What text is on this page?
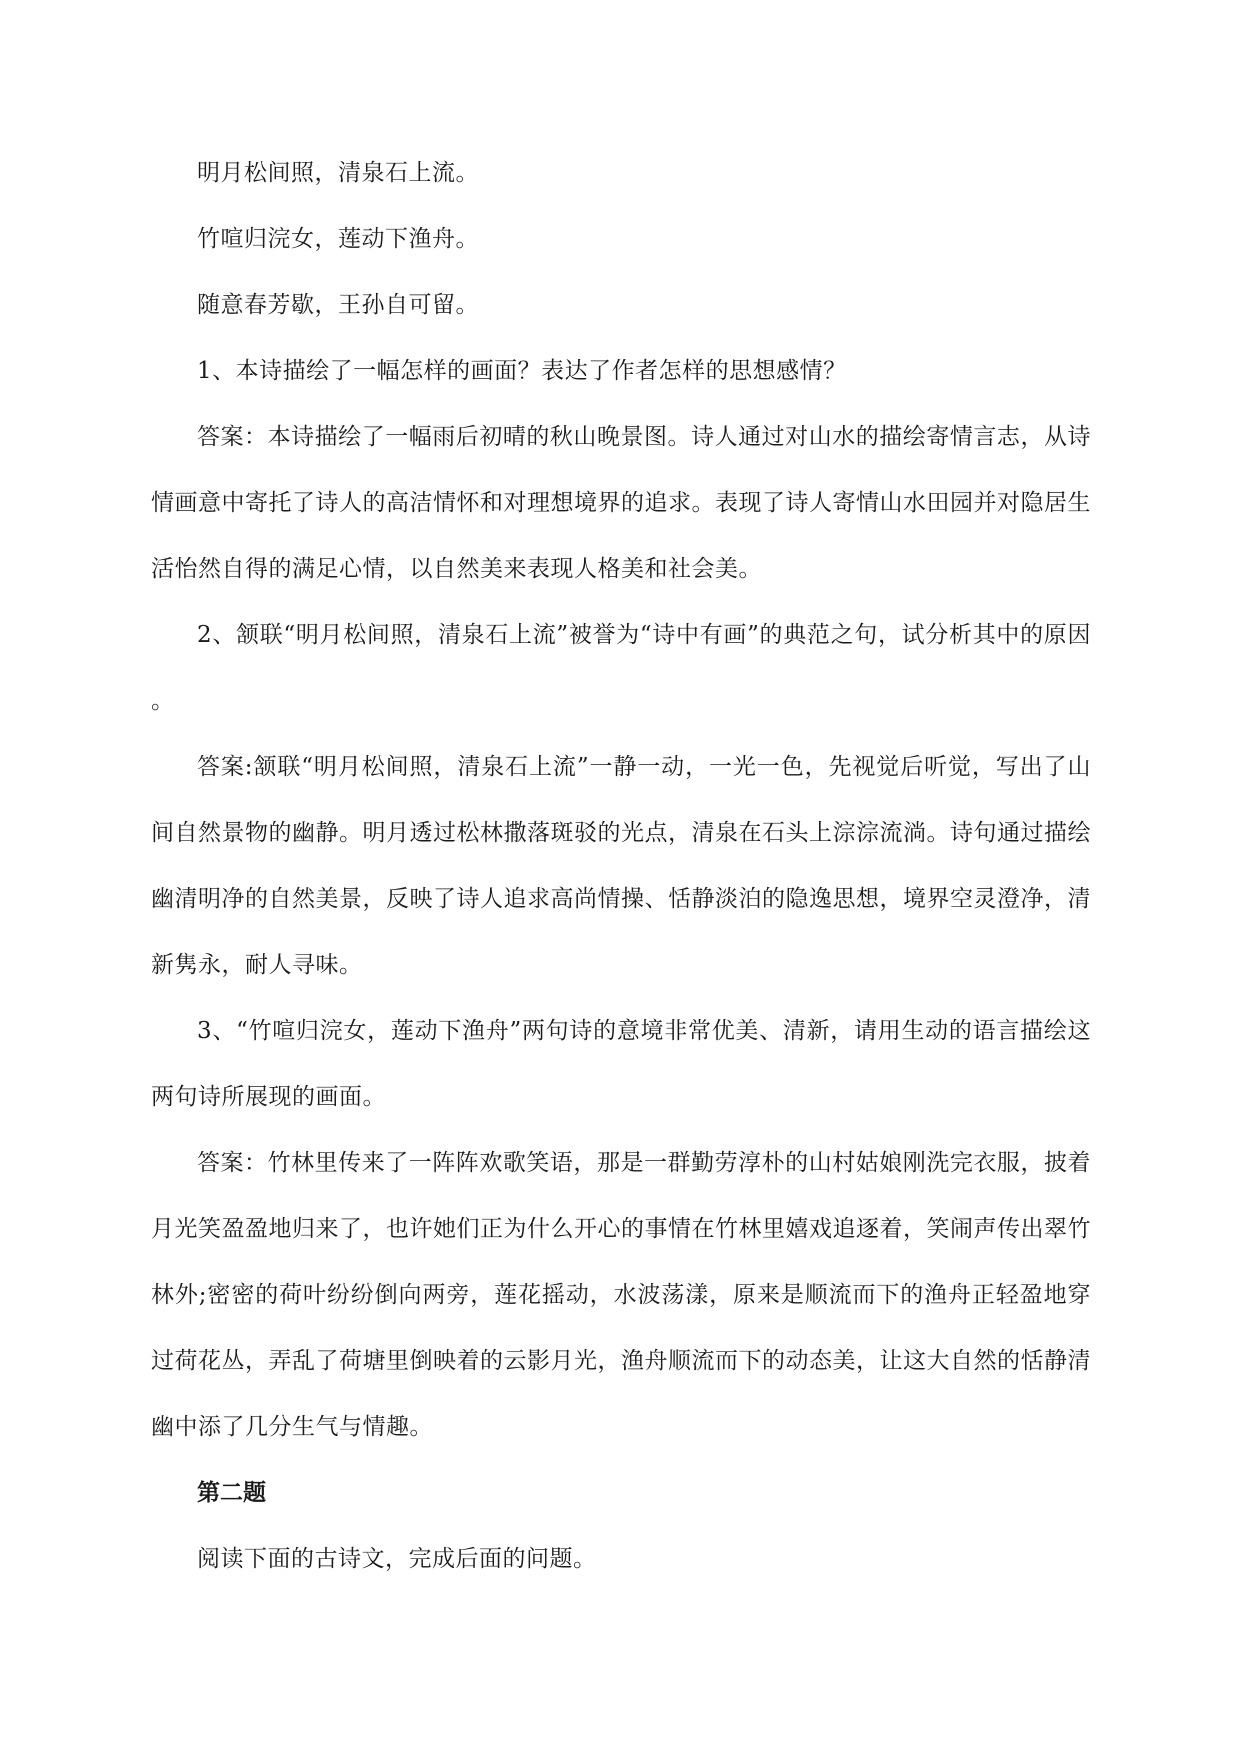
明月松间照，清泉石上流。

竹喧归浣女，莲动下渔舟。

随意春芳歇，王孙自可留。

1、本诗描绘了一幅怎样的画面？表达了作者怎样的思想感情？

答案：本诗描绘了一幅雨后初晴的秋山晚景图。诗人通过对山水的描绘寄情言志，从诗情画意中寄托了诗人的高洁情怀和对理想境界的追求。表现了诗人寄情山水田园并对隐居生活怡然自得的满足心情，以自然美来表现人格美和社会美。

2、颔联“明月松间照，清泉石上流”被誉为“诗中有画”的典范之句，试分析其中的原因。

答案:颔联“明月松间照，清泉石上流”一静一动，一光一色，先视觉后听觉，写出了山间自然景物的幽静。明月透过松林撒落斑驳的光点，清泉在石头上淙淙流淌。诗句通过描绘幽清明净的自然美景，反映了诗人追求高尚情操、恬静淡泊的隐逸思想，境界空灵澄净，清新隽永，耐人寻味。

3、“竹喧归浣女，莲动下渔舟”两句诗的意境非常优美、清新，请用生动的语言描绘这两句诗所展现的画面。

答案：竹林里传来了一阵阵欢歌笑语，那是一群勤劳淳朴的山村姑娘刚洗完衣服，披着月光笑盈盈地归来了，也许她们正为什么开心的事情在竹林里嬉戏追逐着，笑闹声传出翠竹林外;密密的荷叶纷纷倒向两旁，莲花摇动，水波荡漾，原来是顺流而下的渔舟正轻盈地穿过荷花丛，弄乱了荷塘里倒映着的云影月光，渔舟顺流而下的动态美，让这大自然的恬静清幽中添了几分生气与情趣。

第二题

阅读下面的古诗文，完成后面的问题。
